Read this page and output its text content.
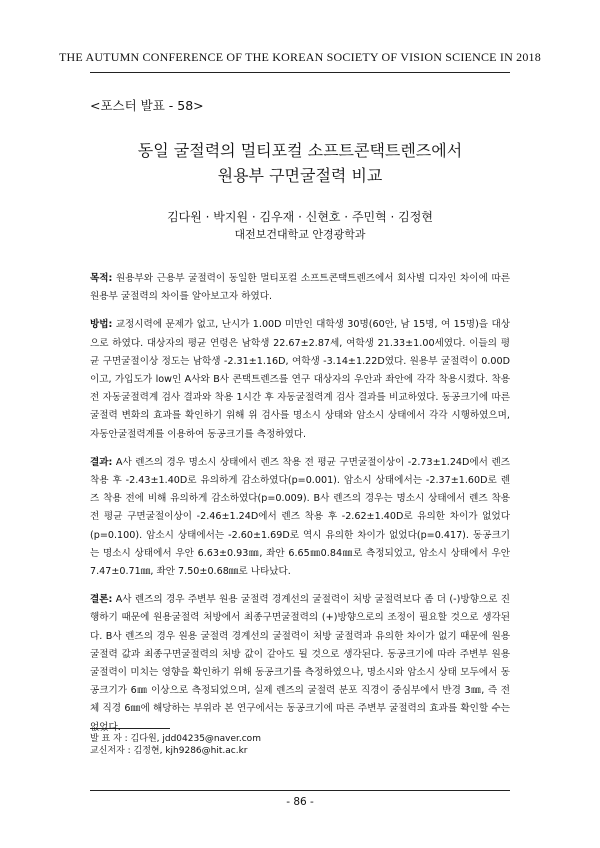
THE AUTUMN CONFERENCE OF THE KOREAN SOCIETY OF VISION SCIENCE IN 2018
<포스터 발표 - 58>
동일 굴절력의 멀티포컬 소프트콘택트렌즈에서
원용부 구면굴절력 비교
김다원 · 박지원 · 김우재 · 신현호 · 주민혁 · 김정현
대전보건대학교 안경광학과

목적: 원용부와 근용부 굴절력이 동일한 멀티포컬 소프트콘택트렌즈에서 회사별 디자인 차이에 따른 원용부 굴절력의 차이를 알아보고자 하였다.

방법: 교정시력에 문제가 없고, 난시가 1.00D 미만인 대학생 30명(60안, 남 15명, 여 15명)을 대상으로 하였다. 대상자의 평균 연령은 남학생 22.67±2.87세, 여학생 21.33±1.00세였다. 이들의 평균 구면굴절이상 정도는 남학생 -2.31±1.16D, 여학생 -3.14±1.22D였다. 원용부 굴절력이 0.00D이고, 가입도가 low인 A사와 B사 콘택트렌즈를 연구 대상자의 우안과 좌안에 각각 착용시켰다. 착용 전 자동굴절력계 검사 결과와 착용 1시간 후 자동굴절력계 검사 결과를 비교하였다. 동공크기에 따른 굴절력 변화의 효과를 확인하기 위해 위 검사를 명소시 상태와 암소시 상태에서 각각 시행하였으며, 자동안굴절력계를 이용하여 동공크기를 측정하였다.

결과: A사 렌즈의 경우 명소시 상태에서 렌즈 착용 전 평균 구면굴절이상이 -2.73±1.24D에서 렌즈 착용 후 -2.43±1.40D로 유의하게 감소하였다(p=0.001). 암소시 상태에서는 -2.37±1.60D로 렌즈 착용 전에 비해 유의하게 감소하였다(p=0.009). B사 렌즈의 경우는 명소시 상태에서 렌즈 착용 전 평균 구면굴절이상이 -2.46±1.24D에서 렌즈 착용 후 -2.62±1.40D로 유의한 차이가 없었다(p=0.100). 암소시 상태에서는 -2.60±1.69D로 역시 유의한 차이가 없었다(p=0.417). 동공크기는 명소시 상태에서 우안 6.63±0.93㎜, 좌안 6.65㎜0.84㎜로 측정되었고, 암소시 상태에서 우안 7.47±0.71㎜, 좌안 7.50±0.68㎜로 나타났다.

결론: A사 렌즈의 경우 주변부 원용 굴절력 경계선의 굴절력이 처방 굴절력보다 좀 더 (-)방향으로 진행하기 때문에 원용굴절력 처방에서 최종구면굴절력의 (+)방향으로의 조정이 필요할 것으로 생각된다. B사 렌즈의 경우 원용 굴절력 경계선의 굴절력이 처방 굴절력과 유의한 차이가 없기 때문에 원용굴절력 값과 최종구면굴절력의 처방 값이 같아도 될 것으로 생각된다. 동공크기에 따라 주변부 원용 굴절력이 미치는 영향을 확인하기 위해 동공크기를 측정하였으나, 명소시와 암소시 상태 모두에서 동공크기가 6㎜ 이상으로 측정되었으며, 실제 렌즈의 굴절력 분포 직경이 중심부에서 반경 3㎜, 즉 전체 직경 6㎜에 해당하는 부위라 본 연구에서는 동공크기에 따른 주변부 굴절력의 효과를 확인할 수는 없었다.

발 표 자 : 김다원, jdd04235@naver.com
교신저자 : 김정현, kjh9286@hit.ac.kr
- 86 -
